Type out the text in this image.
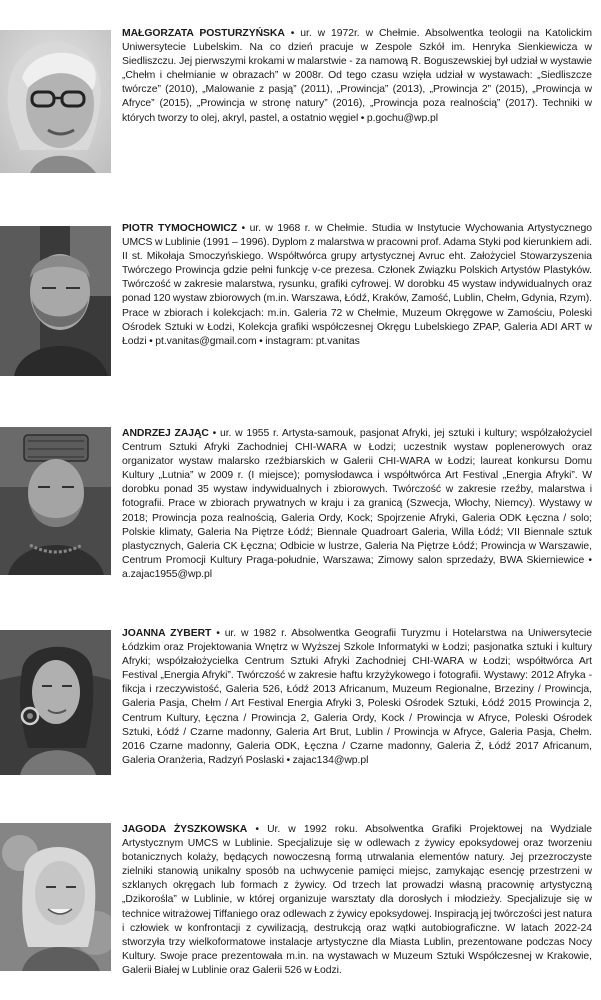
MAŁGORZATA POSTURZYŃSKA • ur. w 1972r. w Chełmie. Absolwentka teologii na Katolickim Uniwersytecie Lubelskim. Na co dzień pracuje w Zespole Szkół im. Henryka Sienkiewicza w Siedliszczu. Jej pierwszymi krokami w malarstwie - za namową R. Boguszewskiej był udział w wystawie „Chełm i chełmianie w obrazach” w 2008r. Od tego czasu wzięła udział w wystawach: „Siedliszcze twórcze” (2010), „Malowanie z pasją” (2011), „Prowincja” (2013), „Prowincja 2” (2015), „Prowincja w Afryce” (2015), „Prowincja w stronę natury” (2016), „Prowincja poza realnością” (2017). Techniki w których tworzy to olej, akryl, pastel, a ostatnio węgiel • p.gochu@wp.pl

PIOTR TYMOCHOWICZ • ur. w 1968 r. w Chełmie. Studia w Instytucie Wychowania Artystycznego UMCS w Lublinie (1991 – 1996). Dyplom z malarstwa w pracowni prof. Adama Styki pod kierunkiem adi. II st. Mikołaja Smoczyńskiego. Współtwórca grupy artystycznej Avruc eht. Założyciel Stowarzyszenia Twórczego Prowincja gdzie pełni funkcję v-ce prezesa. Członek Związku Polskich Artystów Plastyków. Twórczość w zakresie malarstwa, rysunku, grafiki cyfrowej. W dorobku 45 wystaw indywidualnych oraz ponad 120 wystaw zbiorowych (m.in. Warszawa, Łódź, Kraków, Zamość, Lublin, Chełm, Gdynia, Rzym). Prace w zbiorach i kolekcjach: m.in. Galeria 72 w Chełmie, Muzeum Okręgowe w Zamościu, Poleski Ośrodek Sztuki w Łodzi, Kolekcja grafiki współczesnej Okręgu Lubelskiego ZPAP, Galeria ADI ART w Łodzi • pt.vanitas@gmail.com • instagram: pt.vanitas

ANDRZEJ ZAJĄC • ur. w 1955 r. Artysta-samouk, pasjonat Afryki, jej sztuki i kultury; współzałożyciel Centrum Sztuki Afryki Zachodniej CHI-WARA w Łodzi; uczestnik wystaw poplenerowych oraz organizator wystaw malarsko rzeźbiarskich w Galerii CHI-WARA w Łodzi; laureat konkursu Domu Kultury „Lutnia” w 2009 r. (I miejsce); pomysłodawca i współtwórca Art Festival „Energia Afryki”. W dorobku ponad 35 wystaw indywidualnych i zbiorowych. Twórczość w zakresie rzeźby, malarstwa i fotografii. Prace w zbiorach prywatnych w kraju i za granicą (Szwecja, Włochy, Niemcy). Wystawy w 2018; Prowincja poza realnością, Galeria Ordy, Kock; Spojrzenie Afryki, Galeria ODK Łęczna / solo; Polskie klimaty, Galeria Na Piętrze Łódź; Biennale Quadroart Galeria, Willa Łódź; VII Biennale sztuk plastycznych, Galeria CK Łęczna; Odbicie w lustrze, Galeria Na Piętrze Łódź; Prowincja w Warszawie, Centrum Promocji Kultury Praga-południe, Warszawa; Zimowy salon sprzedaży, BWA Skierniewice • a.zajac1955@wp.pl

JOANNA ZYBERT • ur. w 1982 r. Absolwentka Geografii Turyzmu i Hotelarstwa na Uniwersytecie Łódzkim oraz Projektowania Wnętrz w Wyższej Szkole Informatyki w Łodzi; pasjonatka sztuki i kultury Afryki; współzałożycielka Centrum Sztuki Afryki Zachodniej CHI-WARA w Łodzi; współtwórca Art Festival „Energia Afryki”. Twórczość w zakresie haftu krzyżykowego i fotografii. Wystawy: 2012 Afryka - fikcja i rzeczywistość, Galeria 526, Łódź 2013 Africanum, Muzeum Regionalne, Brzeziny / Prowincja, Galeria Pasja, Chełm / Art Festival Energia Afryki 3, Poleski Ośrodek Sztuki, Łódź 2015 Prowincja 2, Centrum Kultury, Łęczna / Prowincja 2, Galeria Ordy, Kock / Prowincja w Afryce, Poleski Ośrodek Sztuki, Łódź / Czarne madonny, Galeria Art Brut, Lublin / Prowincja w Afryce, Galeria Pasja, Chełm. 2016 Czarne madonny, Galeria ODK, Łęczna / Czarne madonny, Galeria Ż, Łódź 2017 Africanum, Galeria Oranżeria, Radzyń Poslaski • zajac134@wp.pl

JAGODA ŻYSZKOWSKA • Ur. w 1992 roku. Absolwentka Grafiki Projektowej na Wydziale Artystycznym UMCS w Lublinie. Specjalizuje się w odlewach z żywicy epoksydowej oraz tworzeniu botanicznych kolaży, będących nowoczesną formą utrwalania elementów natury. Jej przezroczyste zielniki stanowią unikalny sposób na uchwycenie pamięci miejsc, zamykając esencję przestrzeni w szklanych okręgach lub formach z żywicy. Od trzech lat prowadzi własną pracownię artystyczną „Dzikorośla” w Lublinie, w której organizuje warsztaty dla dorosłych i młodzieży. Specjalizuje się w technice witrażowej Tiffaniego oraz odlewach z żywicy epoksydowej. Inspiracją jej twórczości jest natura i człowiek w konfrontacji z cywilizacją, destrukcją oraz wątki autobiograficzne. W latach 2022-24 stworzyła trzy wielkoformatowe instalacje artystyczne dla Miasta Lublin, prezentowane podczas Nocy Kultury. Swoje prace prezentowała m.in. na wystawach w Muzeum Sztuki Współczesnej w Krakowie, Galerii Białej w Lublinie oraz Galerii 526 w Łodzi.
